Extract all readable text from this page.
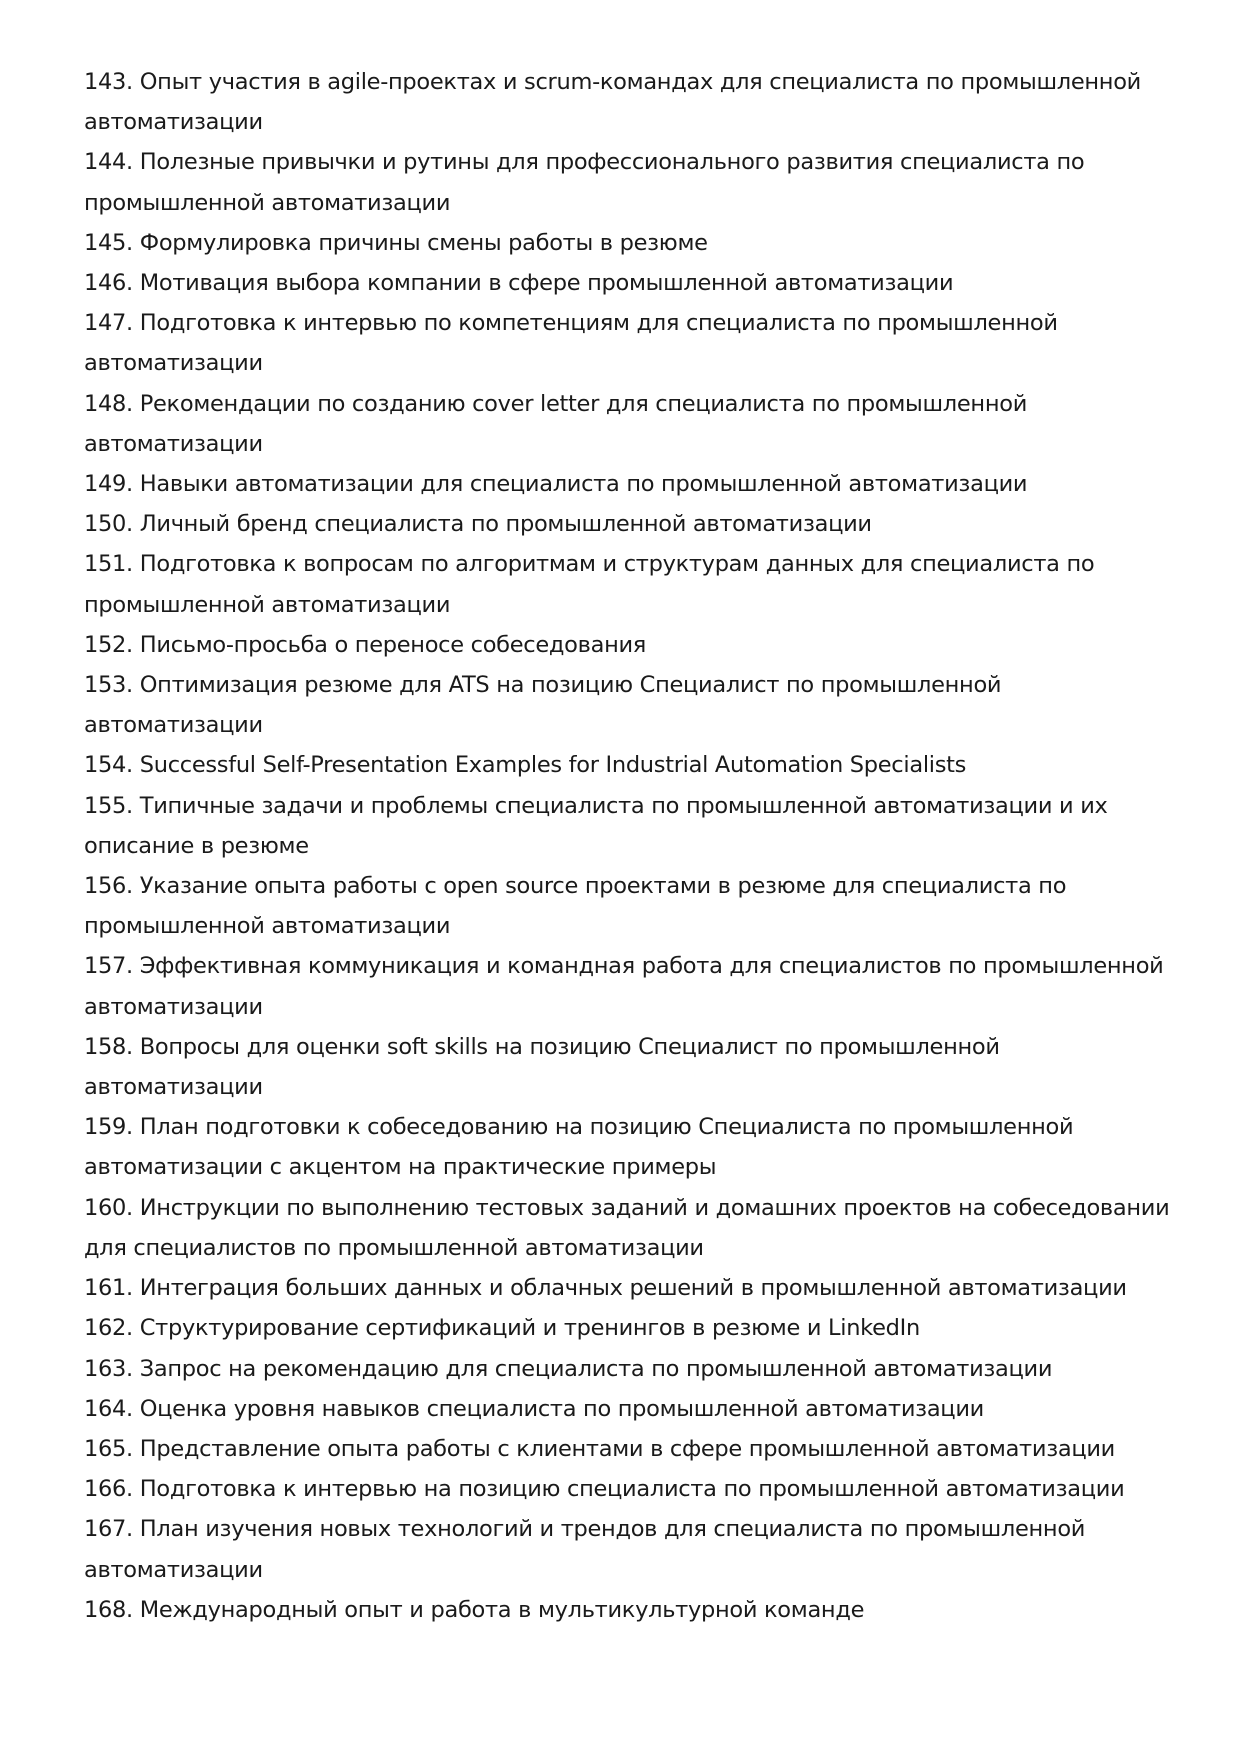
143. Опыт участия в agile-проектах и scrum-командах для специалиста по промышленной автоматизации
144. Полезные привычки и рутины для профессионального развития специалиста по промышленной автоматизации
145. Формулировка причины смены работы в резюме
146. Мотивация выбора компании в сфере промышленной автоматизации
147. Подготовка к интервью по компетенциям для специалиста по промышленной автоматизации
148. Рекомендации по созданию cover letter для специалиста по промышленной автоматизации
149. Навыки автоматизации для специалиста по промышленной автоматизации
150. Личный бренд специалиста по промышленной автоматизации
151. Подготовка к вопросам по алгоритмам и структурам данных для специалиста по промышленной автоматизации
152. Письмо-просьба о переносе собеседования
153. Оптимизация резюме для ATS на позицию Специалист по промышленной автоматизации
154. Successful Self-Presentation Examples for Industrial Automation Specialists
155. Типичные задачи и проблемы специалиста по промышленной автоматизации и их описание в резюме
156. Указание опыта работы с open source проектами в резюме для специалиста по промышленной автоматизации
157. Эффективная коммуникация и командная работа для специалистов по промышленной автоматизации
158. Вопросы для оценки soft skills на позицию Специалист по промышленной автоматизации
159. План подготовки к собеседованию на позицию Специалиста по промышленной автоматизации с акцентом на практические примеры
160. Инструкции по выполнению тестовых заданий и домашних проектов на собеседовании для специалистов по промышленной автоматизации
161. Интеграция больших данных и облачных решений в промышленной автоматизации
162. Структурирование сертификаций и тренингов в резюме и LinkedIn
163. Запрос на рекомендацию для специалиста по промышленной автоматизации
164. Оценка уровня навыков специалиста по промышленной автоматизации
165. Представление опыта работы с клиентами в сфере промышленной автоматизации
166. Подготовка к интервью на позицию специалиста по промышленной автоматизации
167. План изучения новых технологий и трендов для специалиста по промышленной автоматизации
168. Международный опыт и работа в мультикультурной команде
